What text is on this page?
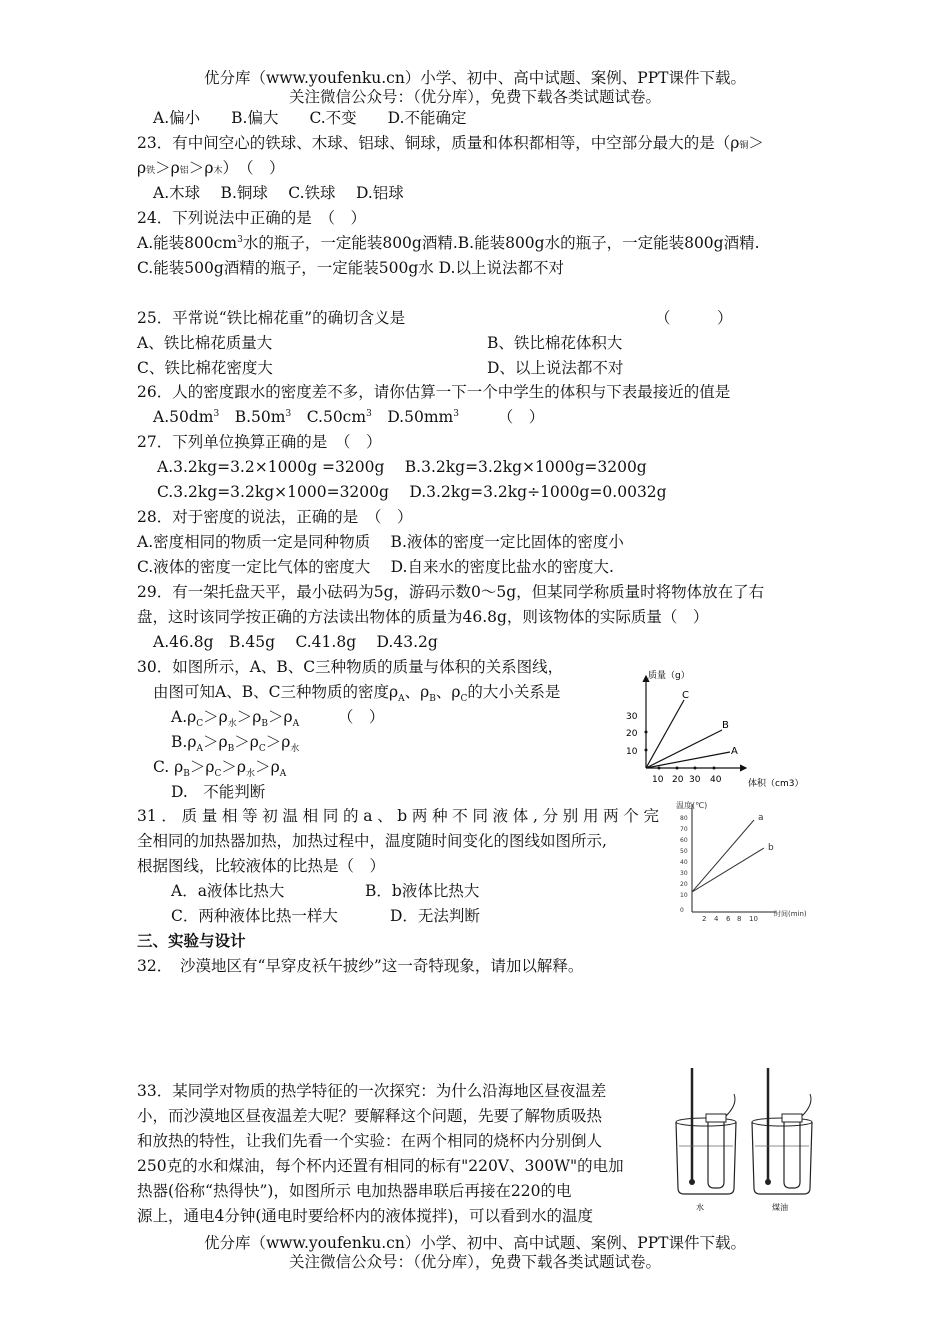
优分库（www.youfenku.cn）小学、初中、高中试题、案例、PPT课件下载。
关注微信公众号：（优分库），免费下载各类试题试卷。
A.偏小　　B.偏大　　C.不变　　D.不能确定
23．有中间空心的铁球、木球、铝球、铜球，质量和体积都相等，中空部分最大的是（ρ铜＞
ρ铁＞ρ铝＞ρ木）　（　）
A.木球　 B.铜球　 C.铁球　 D.铝球
24．下列说法中正确的是　（　）
A.能装$800cm^3$水的瓶子，一定能装800g酒精.B.能装800g水的瓶子，一定能装800g酒精.
C.能装500g酒精的瓶子，一定能装500g水 D.以上说法都不对
25．平常说“铁比棉花重”的确切含义是	（　　　）
A、铁比棉花质量大	B、铁比棉花体积大
C、铁比棉花密度大	D、以上说法都不对
26．人的密度跟水的密度差不多，请你估算一下一个中学生的体积与下表最接近的值是
$A.50dm^3$　 $B.50m^3$　 $C.50cm^3$　 $D.50mm^3$　　　	（　）
27．下列单位换算正确的是　（　）
A.3.2kg=3.2×1000g =3200g　 B.3.2kg=3.2kg×1000g=3200g
C.3.2kg=3.2kg×1000=3200g　 D.3.2kg=3.2kg÷1000g=0.0032g
28．对于密度的说法，正确的是　（　）
A.密度相同的物质一定是同种物质　 B.液体的密度一定比固体的密度小
C.液体的密度一定比气体的密度大　 D.自来水的密度比盐水的密度大.
29．有一架托盘天平，最小砝码为5g，游码示数0～5g，但某同学称质量时将物体放在了右
盘，这时该同学按正确的方法读出物体的质量为46.8g，则该物体的实际质量（　）
A.46.8g　B.45g　 C.41.8g　 D.43.2g
30．如图所示，A、B、C三种物质的质量与体积的关系图线，
由图可知A、B、C三种物质的密度$\rho_A$、$\rho_B$、$\rho_C$的大小关系是
$A.\rho_C>\rho_水>\rho_B>\rho_A$　　　	（　）
$B.\rho_A>\rho_B>\rho_C>\rho_水$
C. $\rho_B>\rho_C>\rho_水>\rho_A$
D.　不能判断
质量（g）
体积（cm3）
30
20
10
10 20 30 40
C
B
A
31．质量相等初温相同的a、b两种不同液体,分别用两个完
全相同的加热器加热，加热过程中，温度随时间变化的图线如图所示,
根据图线，比较液体的比热是（　）
A．a液体比热大	B．b液体比热大
C．两种液体比热一样大	D．无法判断
温度(℃)
时间(min)
80
70
60
50
40
30
20
10
0
2 4 6 8 10
a
b
三、实验与设计
32．　沙漠地区有“早穿皮袄午披纱”这一奇特现象，请加以解释。
33．某同学对物质的热学特征的一次探究：为什么沿海地区昼夜温差
小，而沙漠地区昼夜温差大呢？要解释这个问题，先要了解物质吸热
和放热的特性，让我们先看一个实验：在两个相同的烧杯内分别倒人
250克的水和煤油，每个杯内还置有相同的标有"220V、300W"的电加
热器(俗称“热得快”)，如图所示 电加热器串联后再接在220的电
源上，通电4分钟(通电时要给杯内的液体搅拌)，可以看到水的温度	水	煤油
优分库（www.youfenku.cn）小学、初中、高中试题、案例、PPT课件下载。
关注微信公众号：（优分库），免费下载各类试题试卷。
